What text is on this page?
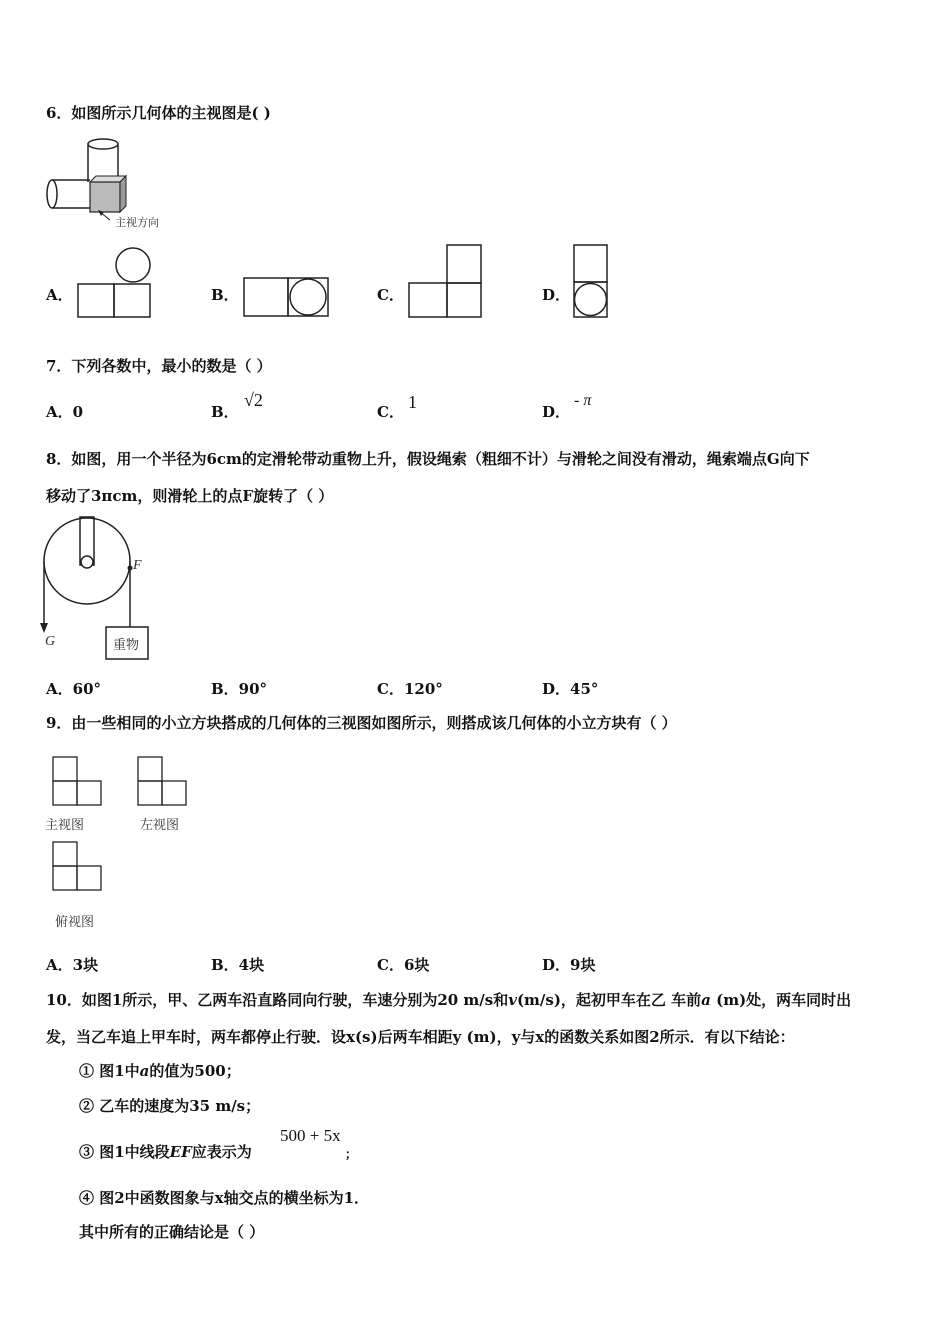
6．如图所示几何体的主视图是( )
主视方向
A．	B．	C．	D．
7．下列各数中，最小的数是（ ）
A．0	B．
√2
C． 1	D．
- π
8．如图，用一个半径为6cm的定滑轮带动重物上升，假设绳索（粗细不计）与滑轮之间没有滑动，绳索端点G向下
移动了3πcm，则滑轮上的点F旋转了（ ）
F
G	重物
A．60°	B．90°	C．120°	D．45°
9．由一些相同的小立方块搭成的几何体的三视图如图所示，则搭成该几何体的小立方块有（ ）
主视图	左视图
俯视图
A．3块	B．4块	C．6块	D．9块
10．如图1所示，甲、乙两车沿直路同向行驶，车速分别为20 m/s和v(m/s)，起初甲车在乙 车前a (m)处，两车同时出
发，当乙车追上甲车时，两车都停止行驶．设x(s)后两车相距y (m)，y与x的函数关系如图2所示．有以下结论：
① 图1中a的值为500；
② 乙车的速度为35 m/s；
③ 图1中线段EF应表示为
500 + 5x
；
④ 图2中函数图象与x轴交点的横坐标为1．
其中所有的正确结论是（ ）
